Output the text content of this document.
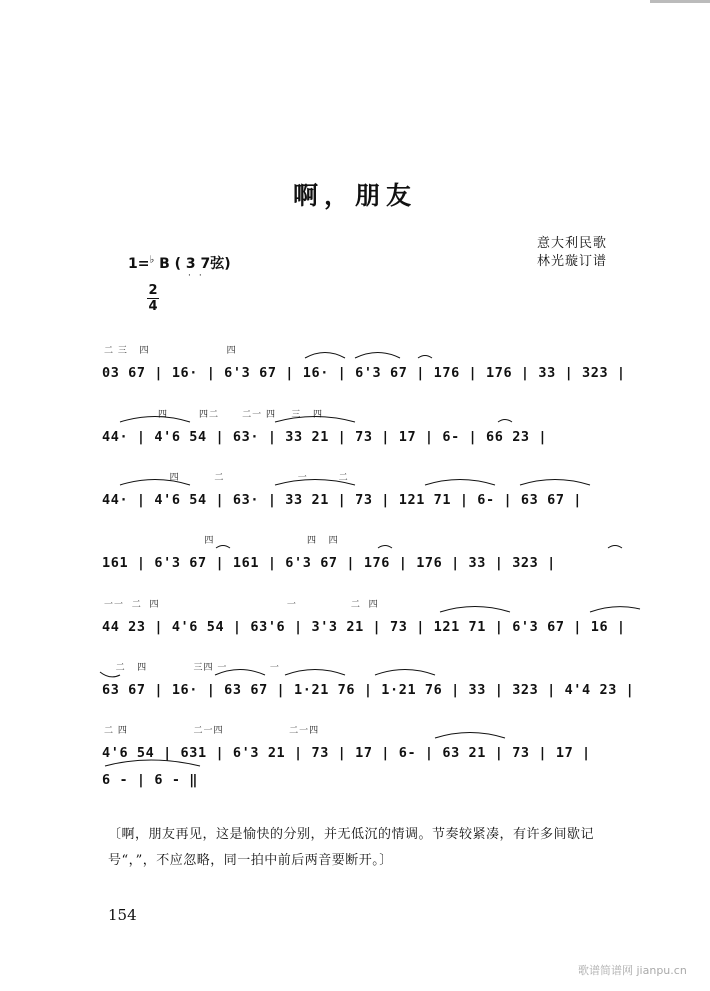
啊，朋友
意大利民歌
林光璇订谱
1=♭ B ( 3 7弦)
··
2
4
二 三   四                    四
03 67 | 16· | 6'3 67 | 16· | 6'3 67 | 176 | 176 | 33 | 323 |
四        四二      二一 四    三   四
44· | 4'6 54 | 63· | 33 21 | 73 | 17 | 6- | 66 23 |
四         二                   一        二
44· | 4'6 54 | 63· | 33 21 | 73 | 121 71 | 6- | 63 67 |
四                        四   四
161 | 6'3 67 | 161 | 6'3 67 | 176 | 176 | 33 | 323 |
一一  二  四                                 一              二  四
44 23 | 4'6 54 | 63'6 | 3'3 21 | 73 | 121 71 | 6'3 67 | 16 |
二   四            三四 一           一
63 67 | 16· | 63 67 | 1·21 76 | 1·21 76 | 33 | 323 | 4'4 23 |
二 四                 二一四                 二一四
4'6 54 | 631 | 6'3 21 | 73 | 17 | 6- | 63 21 | 73 | 17 |
6 - | 6 - ‖
〔啊，朋友再见，这是愉快的分别，并无低沉的情调。节奏较紧凑，有许多间歇记号“，”，不应忽略，同一拍中前后两音要断开。〕
154
歌谱简谱网 jianpu.cn
